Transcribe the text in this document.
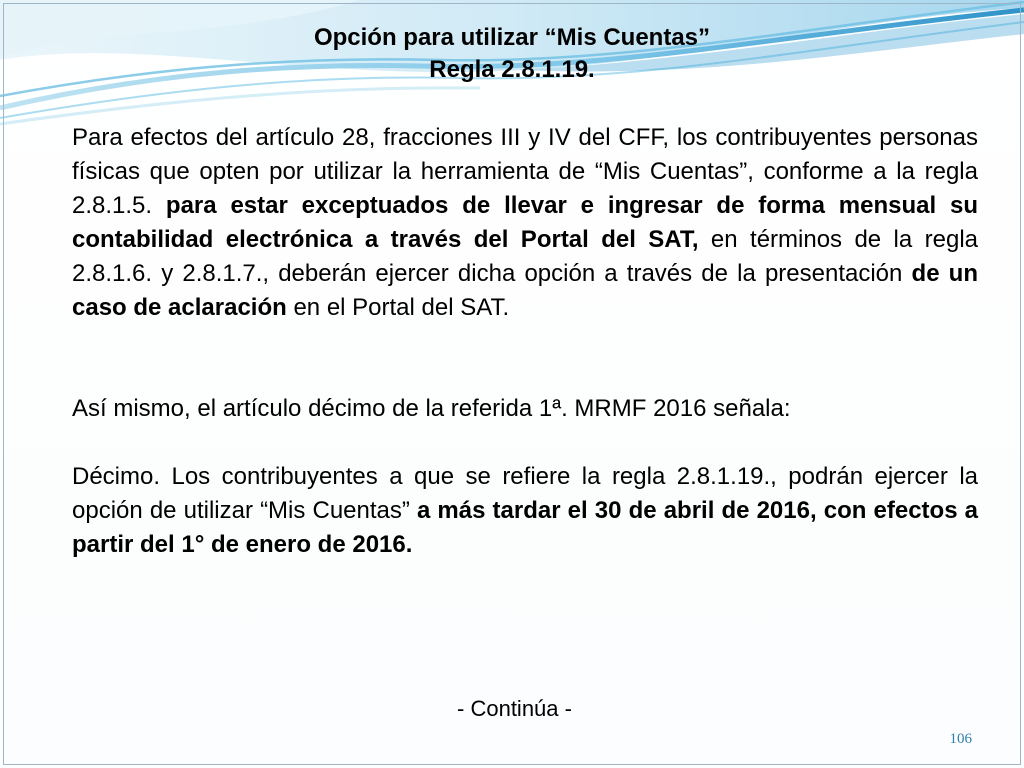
Opción para utilizar “Mis Cuentas”
Regla 2.8.1.19.

Para efectos del artículo 28, fracciones III y IV del CFF, los contribuyentes personas físicas que opten por utilizar la herramienta de “Mis Cuentas”, conforme a la regla 2.8.1.5. para estar exceptuados de llevar e ingresar de forma mensual su contabilidad electrónica a través del Portal del SAT, en términos de la regla 2.8.1.6. y 2.8.1.7., deberán ejercer dicha opción a través de la presentación de un caso de aclaración en el Portal del SAT.

Así mismo, el artículo décimo de la referida 1ª. MRMF 2016 señala:

Décimo. Los contribuyentes a que se refiere la regla 2.8.1.19., podrán ejercer la opción de utilizar “Mis Cuentas” a más tardar el 30 de abril de 2016, con efectos a partir del 1° de enero de 2016.

- Continúa -
106
